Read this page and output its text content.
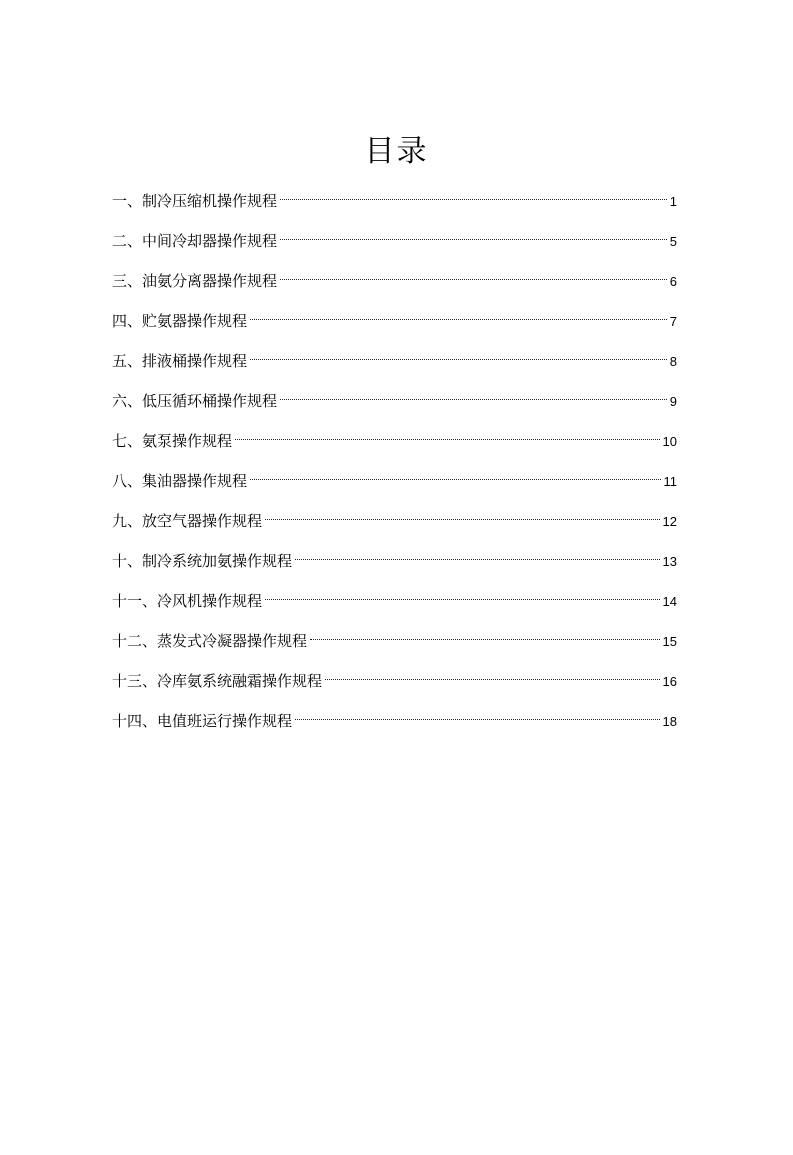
目录
一、制冷压缩机操作规程	1
二、中间冷却器操作规程	5
三、油氨分离器操作规程	6
四、贮氨器操作规程	7
五、排液桶操作规程	8
六、低压循环桶操作规程	9
七、氨泵操作规程	10
八、集油器操作规程	11
九、放空气器操作规程	12
十、制冷系统加氨操作规程	13
十一、冷风机操作规程	14
十二、蒸发式冷凝器操作规程	15
十三、冷库氨系统融霜操作规程	16
十四、电值班运行操作规程	18
